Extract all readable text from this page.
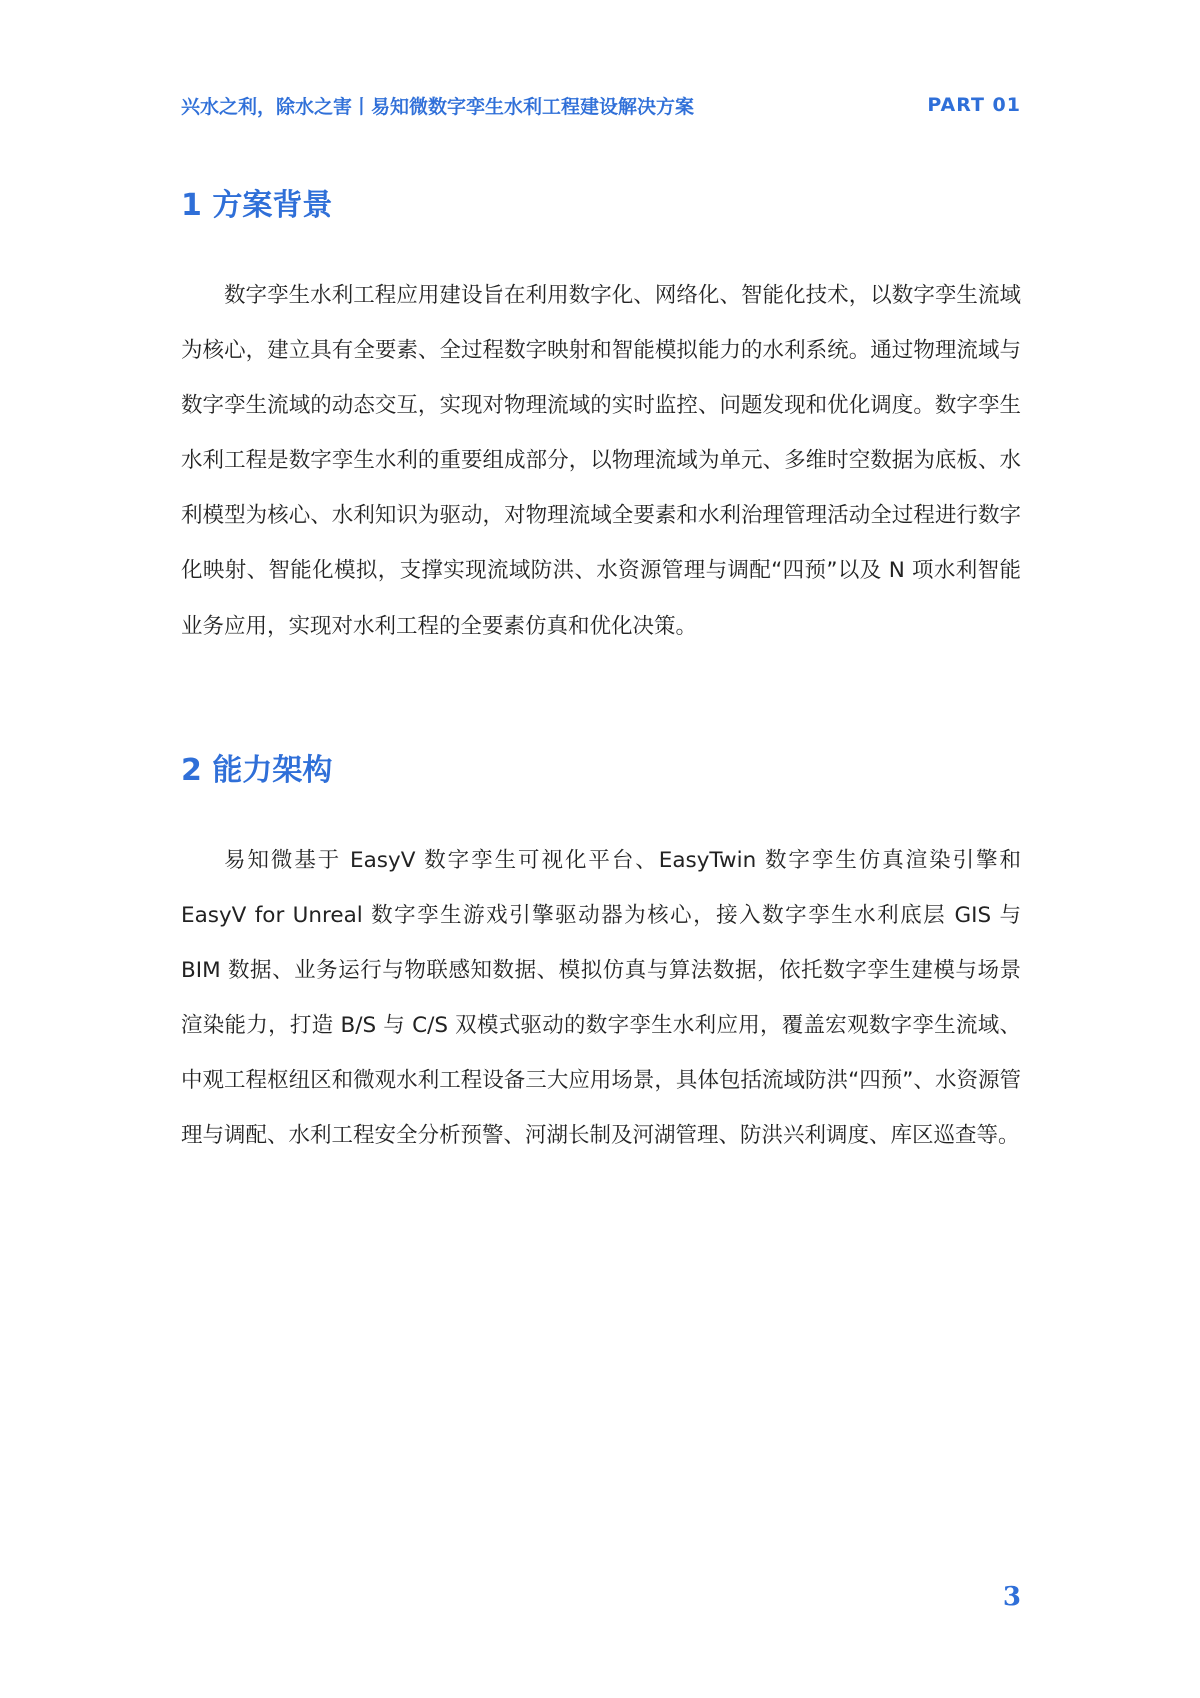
兴水之利，除水之害丨易知微数字孪生水利工程建设解决方案	PART 01
1 方案背景

数字孪生水利工程应用建设旨在利用数字化、网络化、智能化技术，以数字孪生流域为核心，建立具有全要素、全过程数字映射和智能模拟能力的水利系统。通过物理流域与数字孪生流域的动态交互，实现对物理流域的实时监控、问题发现和优化调度。数字孪生水利工程是数字孪生水利的重要组成部分，以物理流域为单元、多维时空数据为底板、水利模型为核心、水利知识为驱动，对物理流域全要素和水利治理管理活动全过程进行数字化映射、智能化模拟，支撑实现流域防洪、水资源管理与调配“四预”以及 N 项水利智能业务应用，实现对水利工程的全要素仿真和优化决策。

2 能力架构

易知微基于 EasyV 数字孪生可视化平台、EasyTwin 数字孪生仿真渲染引擎和 EasyV for Unreal 数字孪生游戏引擎驱动器为核心，接入数字孪生水利底层 GIS 与 BIM 数据、业务运行与物联感知数据、模拟仿真与算法数据，依托数字孪生建模与场景渲染能力，打造 B/S 与 C/S 双模式驱动的数字孪生水利应用，覆盖宏观数字孪生流域、中观工程枢纽区和微观水利工程设备三大应用场景，具体包括流域防洪“四预”、水资源管理与调配、水利工程安全分析预警、河湖长制及河湖管理、防洪兴利调度、库区巡查等。

3
